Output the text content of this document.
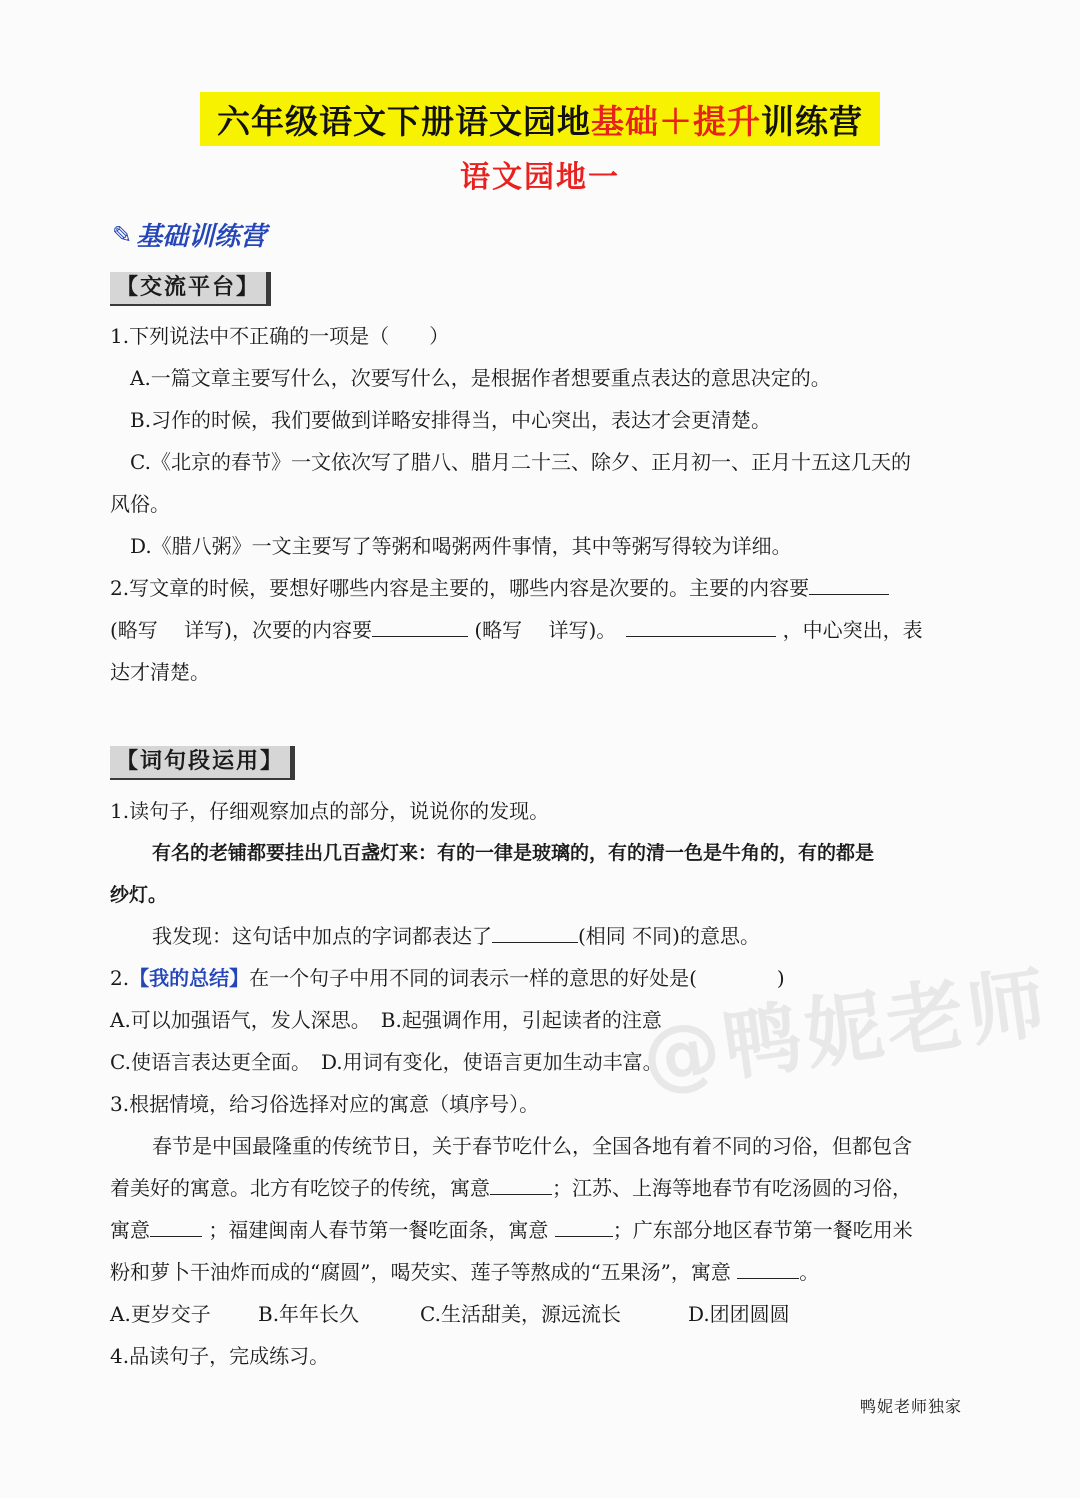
@鸭妮老师
六年级语文下册语文园地 基础＋提升 训练营
语文园地一
✎ 基础训练营
【交流平台】
1.下列说法中不正确的一项是（　　）
A.一篇文章主要写什么，次要写什么，是根据作者想要重点表达的意思决定的。
B.习作的时候，我们要做到详略安排得当，中心突出，表达才会更清楚。
C.《北京的春节》一文依次写了腊八、腊月二十三、除夕、正月初一、正月十五这几天的
风俗。
D.《腊八粥》一文主要写了等粥和喝粥两件事情，其中等粥写得较为详细。
2.写文章的时候，要想好哪些内容是主要的，哪些内容是次要的。主要的内容要
(略写　 详写)，次要的内容要	(略写　 详写)。	，中心突出，表
达才清楚。
【词句段运用】
1.读句子，仔细观察加点的部分，说说你的发现。
有名的老铺都要挂出几百盏灯来：有的一律是玻璃的，有的清一色是牛角的，有的都是
纱灯。
我发现：这句话中加点的字词都表达了	(相同 不同)的意思。
2.【我的总结】在一个句子中用不同的词表示一样的意思的好处是(　　　　)
A.可以加强语气，发人深思。　B.起强调作用，引起读者的注意
C.使语言表达更全面。　D.用词有变化，使语言更加生动丰富。
3.根据情境，给习俗选择对应的寓意（填序号）。
春节是中国最隆重的传统节日，关于春节吃什么，全国各地有着不同的习俗，但都包含
着美好的寓意。北方有吃饺子的传统，寓意	；江苏、上海等地春节有吃汤圆的习俗，
寓意	；福建闽南人春节第一餐吃面条，寓意	；广东部分地区春节第一餐吃用米
粉和萝卜干油炸而成的“腐圆”，喝芡实、莲子等熬成的“五果汤”，寓意	。
A.更岁交子 B.年年长久	C.生活甜美，源远流长	D.团团圆圆
4.品读句子，完成练习。
鸭妮老师独家
